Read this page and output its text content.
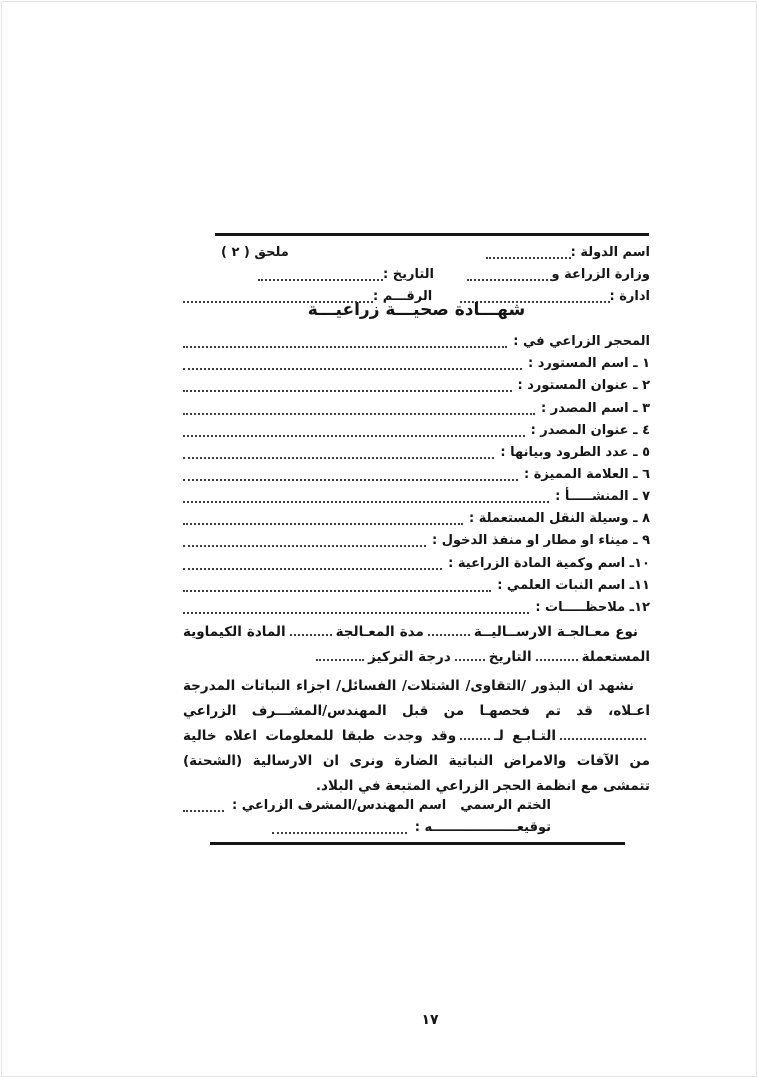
اسم الدولة :
ملحق ( ٢ )
وزارة الزراعة و
التاريخ :
ادارة :
الرقـــم :
شهـــادة صحيـــة زراعيـــة
المحجر الزراعي في :
١ ـ اسم المستورد :
٢ ـ عنوان المستورد :
٣ ـ اسم المصدر :
٤ ـ عنوان المصدر :
٥ ـ عدد الطرود وبيانها :
٦ ـ العلامة المميزة :
٧ ـ المنشـــــأ :
٨ ـ وسيلة النقل المستعملة :
٩ ـ ميناء او مطار او منفذ الدخول :
١٠ـ اسم وكمية المادة الزراعية :
١١ـ اسم النبات العلمي :
١٢ـ ملاحظـــــات :

نوع معـالجـة الارســاليــةمدة المعـالجةالمادة الكيماوية المستعملةالتاريخدرجة التركيز

نشهد ان البذور /التقاوى/ الشتلات/ الفسائل/ اجزاء النباتات المدرجة اعـلاه، قد تم فحصهـا من قبل المهندس/المشـــرف الزراعيالتـابـع لـوقد وجدت طبقا للمعلومات اعلاه خالية من الآفات والامراض النباتية الضارة ونرى ان الارسالية (الشحنة) تتمشى مع انظمة الحجر الزراعي المتبعة في البلاد.

الختم الرسمي
اسم المهندس/المشرف الزراعي :
توقيعـــــــــــــــــــه :
١٧
